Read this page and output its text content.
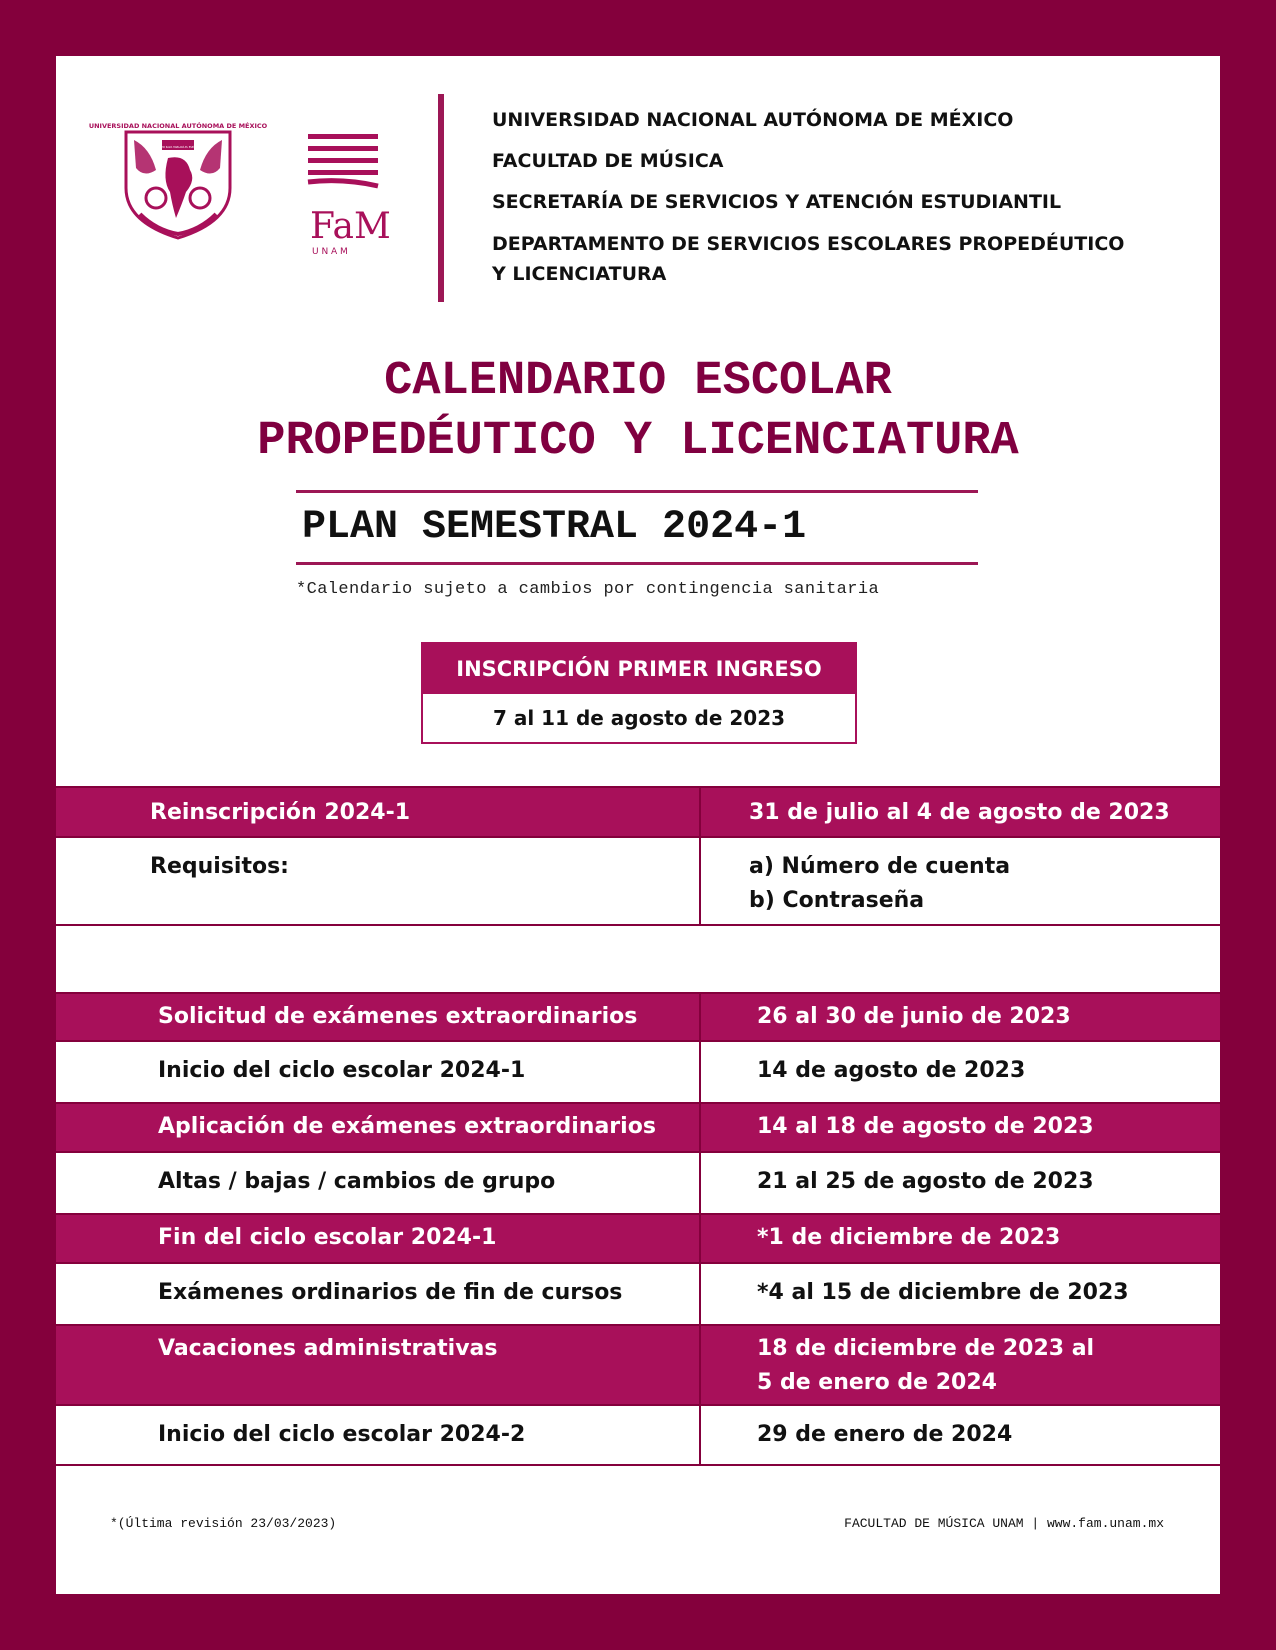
UNIVERSIDAD NACIONAL AUTÓNOMA DE MÉXICO
POR MI RAZA HABLARÁ EL ESPÍRITU
FaM
U N A M
UNIVERSIDAD NACIONAL AUTÓNOMA DE MÉXICO
FACULTAD DE MÚSICA
SECRETARÍA DE SERVICIOS Y ATENCIÓN ESTUDIANTIL
DEPARTAMENTO DE SERVICIOS ESCOLARES PROPEDÉUTICO
Y LICENCIATURA
CALENDARIO ESCOLAR
PROPEDÉUTICO Y LICENCIATURA
PLAN SEMESTRAL 2024-1
*Calendario sujeto a cambios por contingencia sanitaria
INSCRIPCIÓN PRIMER INGRESO
7 al 11 de agosto de 2023
Reinscripción 2024-1	31 de julio al 4 de agosto de 2023
Requisitos:	a) Número de cuenta
b) Contraseña
Solicitud de exámenes extraordinarios	26 al 30 de junio de 2023
Inicio del ciclo escolar 2024-1	14 de agosto de 2023
Aplicación de exámenes extraordinarios	14 al 18 de agosto de 2023
Altas / bajas / cambios de grupo	21 al 25 de agosto de 2023
Fin del ciclo escolar 2024-1	*1 de diciembre de 2023
Exámenes ordinarios de fin de cursos	*4 al 15 de diciembre de 2023
Vacaciones administrativas	18 de diciembre de 2023 al
5 de enero de 2024
Inicio del ciclo escolar 2024-2	29 de enero de 2024
*(Última revisión 23/03/2023)	FACULTAD DE MÚSICA UNAM | www.fam.unam.mx
